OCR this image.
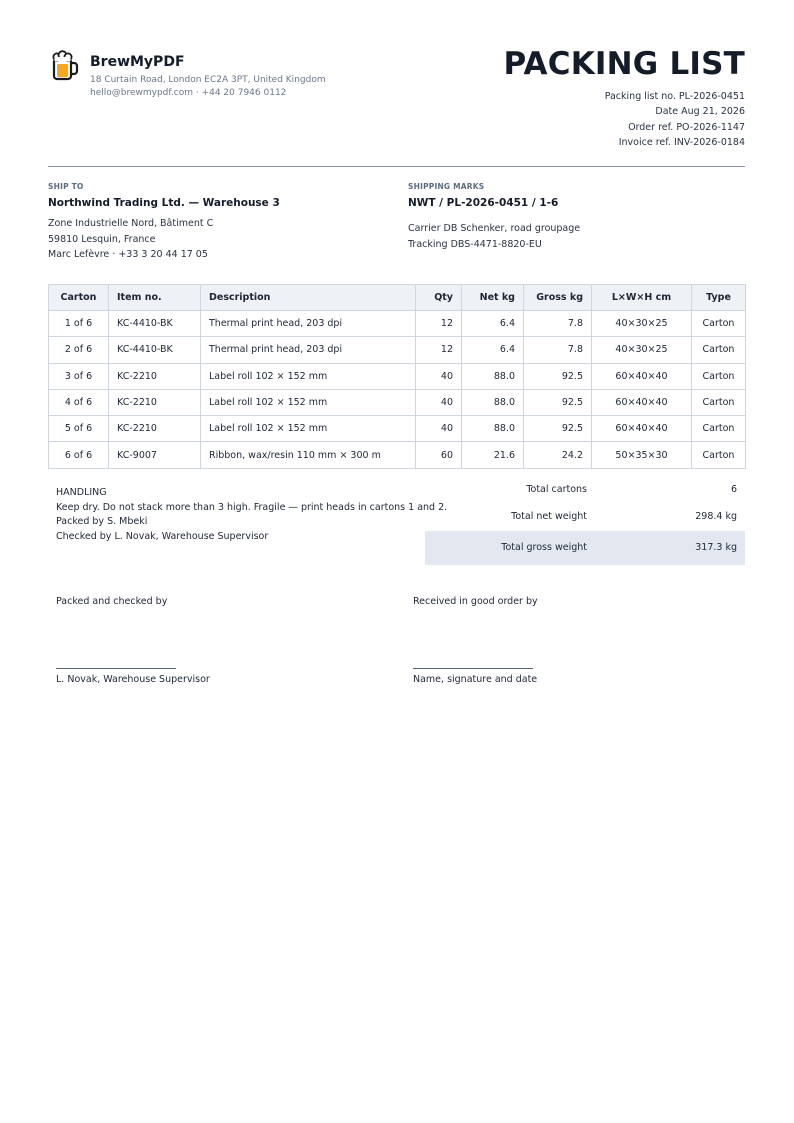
BrewMyPDF
18 Curtain Road, London EC2A 3PT, United Kingdom
hello@brewmypdf.com · +44 20 7946 0112
PACKING LIST
Packing list no. PL-2026-0451
Date Aug 21, 2026
Order ref. PO-2026-1147
Invoice ref. INV-2026-0184
SHIP TO
Northwind Trading Ltd. — Warehouse 3
Zone Industrielle Nord, Bâtiment C
59810 Lesquin, France
Marc Lefèvre · +33 3 20 44 17 05
SHIPPING MARKS
NWT / PL-2026-0451 / 1-6
Carrier DB Schenker, road groupage
Tracking DBS-4471-8820-EU
Carton	Item no.	Description	Qty	Net kg	Gross kg	L×W×H cm	Type
1 of 6	KC-4410-BK	Thermal print head, 203 dpi	12	6.4	7.8	40×30×25	Carton
2 of 6	KC-4410-BK	Thermal print head, 203 dpi	12	6.4	7.8	40×30×25	Carton
3 of 6	KC-2210	Label roll 102 × 152 mm	40	88.0	92.5	60×40×40	Carton
4 of 6	KC-2210	Label roll 102 × 152 mm	40	88.0	92.5	60×40×40	Carton
5 of 6	KC-2210	Label roll 102 × 152 mm	40	88.0	92.5	60×40×40	Carton
6 of 6	KC-9007	Ribbon, wax/resin 110 mm × 300 m	60	21.6	24.2	50×35×30	Carton
HANDLING
Keep dry. Do not stack more than 3 high. Fragile — print heads in cartons 1 and 2.
Packed by S. Mbeki
Checked by L. Novak, Warehouse Supervisor
Total cartons	6
Total net weight	298.4 kg
Total gross weight	317.3 kg
Packed and checked by
L. Novak, Warehouse Supervisor
Received in good order by
Name, signature and date
